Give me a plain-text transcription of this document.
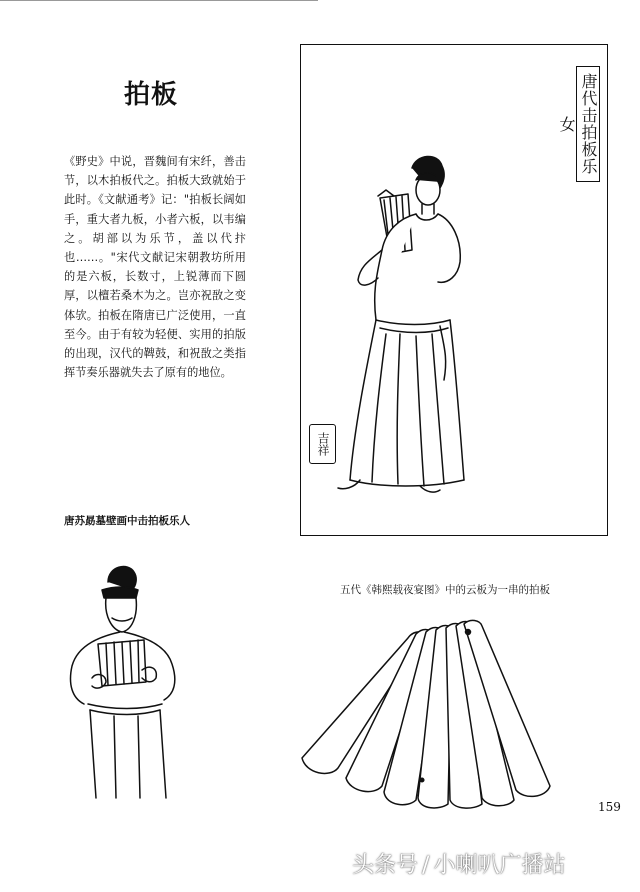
拍板
《野史》中说，晋魏间有宋纤，善击节，以木拍板代之。拍板大致就始于此时。《文献通考》记："拍板长阔如手，重大者九板，小者六板，以韦编之。胡部以为乐节，盖以代抃也……。"宋代文献记宋朝教坊所用的是六板，长数寸，上锐薄而下圆厚，以檀若桑木为之。岂亦祝敔之变体欤。拍板在隋唐已广泛使用，一直至今。由于有较为轻便、实用的拍版的出现，汉代的鞞鼓，和祝敔之类指挥节奏乐器就失去了原有的地位。
唐代击拍板乐女
吉祥
唐苏勗墓壁画中击拍板乐人
五代《韩熙载夜宴图》中的云板为一串的拍板
159
头条号 / 小喇叭广播站
